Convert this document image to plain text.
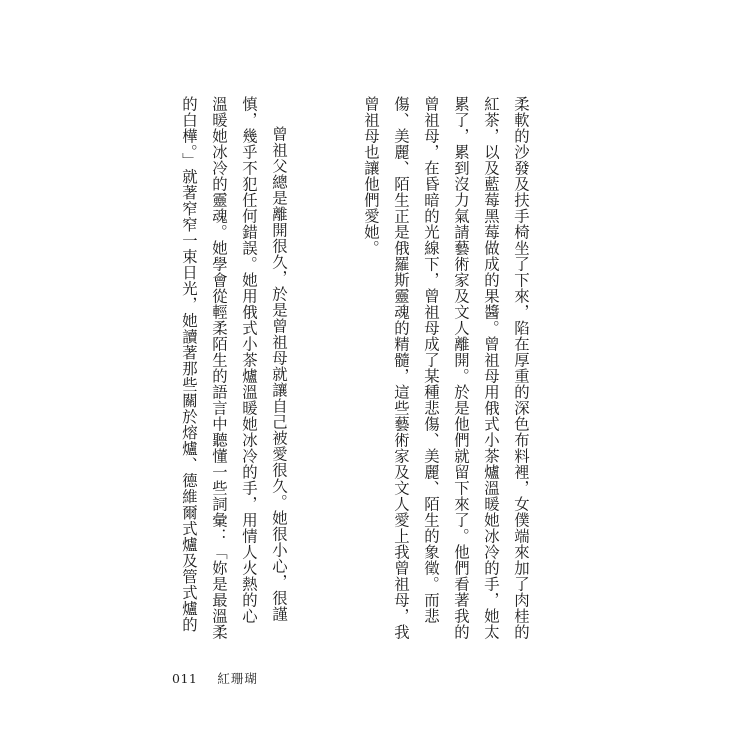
柔軟的沙發及扶手椅坐了下來，陷在厚重的深色布料裡，女僕端來加了肉桂的
紅茶，以及藍莓黑莓做成的果醬。曾祖母用俄式小茶爐溫暖她冰冷的手，她太
累了，累到沒力氣請藝術家及文人離開。於是他們就留下來了。他們看著我的
曾祖母，在昏暗的光線下，曾祖母成了某種悲傷、美麗、陌生的象徵。而悲
傷、美麗、陌生正是俄羅斯靈魂的精髓，這些藝術家及文人愛上我曾祖母，我
曾祖母也讓他們愛她。
曾祖父總是離開很久，於是曾祖母就讓自己被愛很久。她很小心，很謹
慎，幾乎不犯任何錯誤。她用俄式小茶爐溫暖她冰冷的手，用情人火熱的心
溫暖她冰冷的靈魂。她學會從輕柔陌生的語言中聽懂一些詞彙：「妳是最溫柔
的白樺。」就著窄窄一束日光，她讀著那些關於熔爐、德維爾式爐及管式爐的
011 紅珊瑚
